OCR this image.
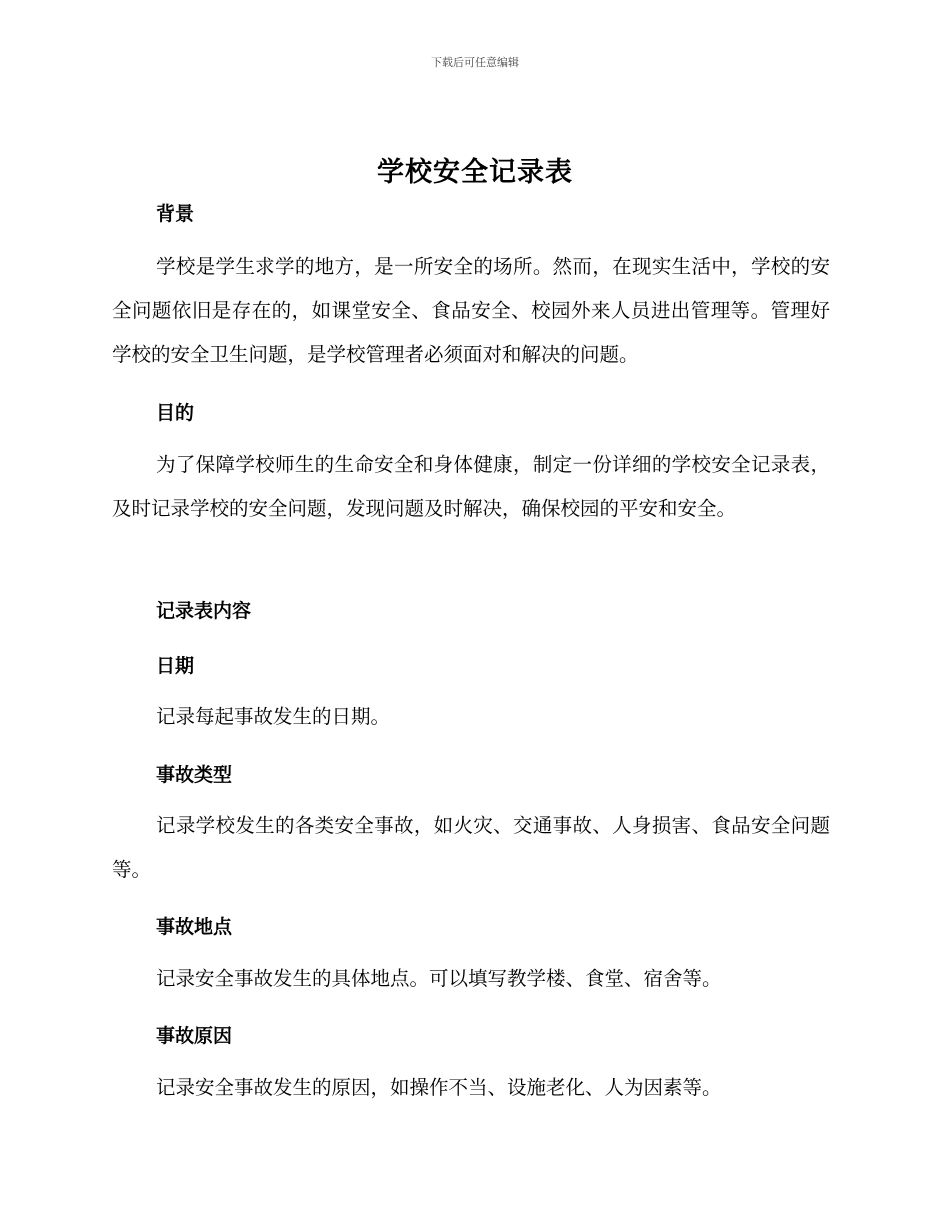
下载后可任意编辑
学校安全记录表
背景

学校是学生求学的地方，是一所安全的场所。然而，在现实生活中，学校的安全问题依旧是存在的，如课堂安全、食品安全、校园外来人员进出管理等。管理好学校的安全卫生问题，是学校管理者必须面对和解决的问题。

目的

为了保障学校师生的生命安全和身体健康，制定一份详细的学校安全记录表，及时记录学校的安全问题，发现问题及时解决，确保校园的平安和安全。

记录表内容
日期

记录每起事故发生的日期。

事故类型

记录学校发生的各类安全事故，如火灾、交通事故、人身损害、食品安全问题等。

事故地点

记录安全事故发生的具体地点。可以填写教学楼、食堂、宿舍等。

事故原因

记录安全事故发生的原因，如操作不当、设施老化、人为因素等。
